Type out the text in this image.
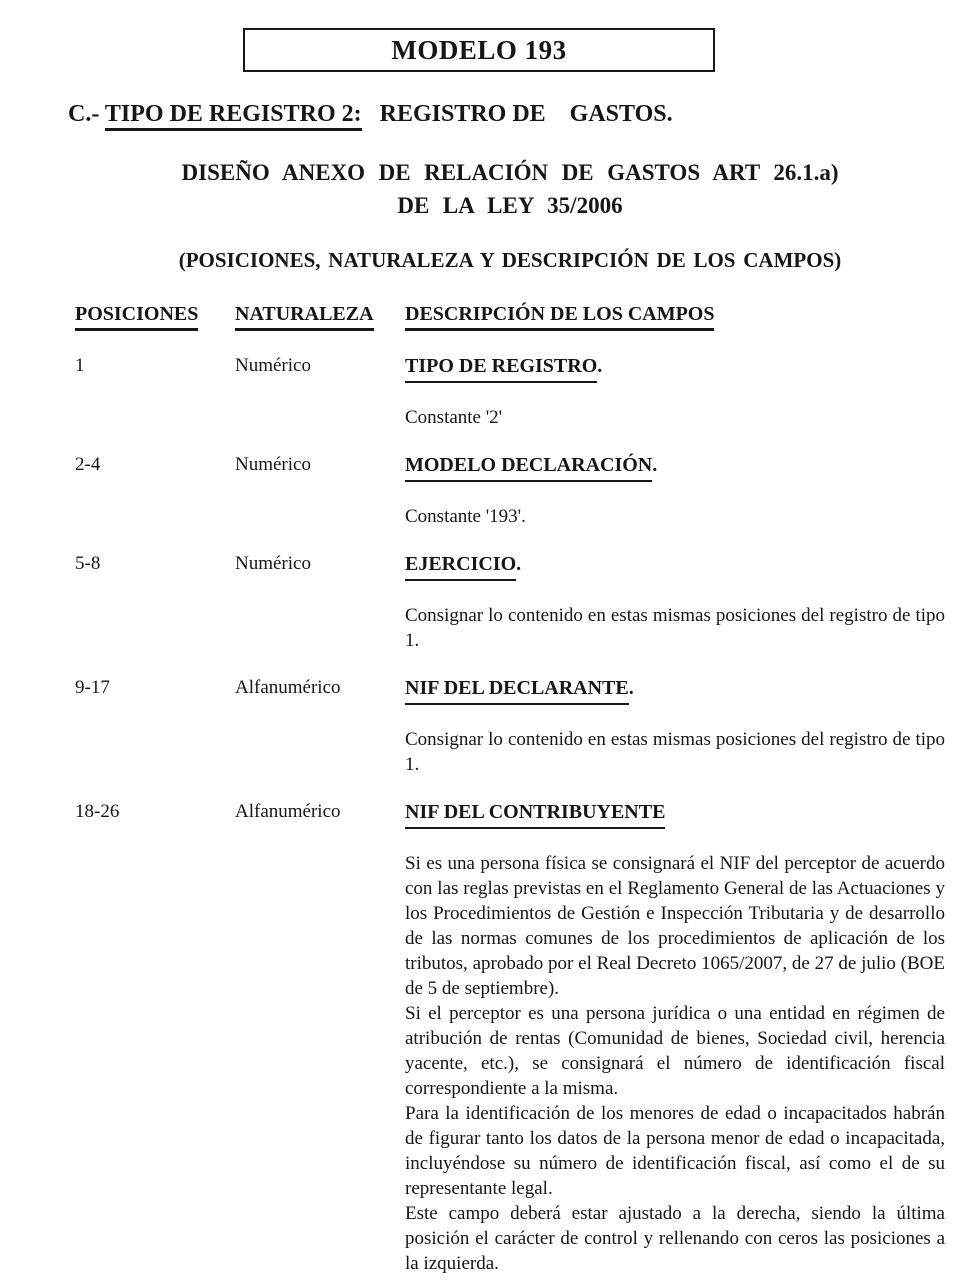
MODELO 193
C.- TIPO DE REGISTRO 2:   REGISTRO DE    GASTOS.
DISEÑO ANEXO DE RELACIÓN DE GASTOS ART 26.1.a)
DE LA LEY 35/2006
(POSICIONES, NATURALEZA Y DESCRIPCIÓN DE LOS CAMPOS)
POSICIONES	NATURALEZA	DESCRIPCIÓN DE LOS CAMPOS
1	Numérico	TIPO DE REGISTRO.

Constante '2'

2-4	Numérico	MODELO DECLARACIÓN.

Constante '193'.

5-8	Numérico	EJERCICIO.

Consignar lo contenido en estas mismas posiciones del registro de tipo 1.

9-17	Alfanumérico	NIF DEL DECLARANTE.

Consignar lo contenido en estas mismas posiciones del registro de tipo 1.

18-26	Alfanumérico	NIF DEL CONTRIBUYENTE

Si es una persona física se consignará el NIF del perceptor de acuerdo con las reglas previstas en el Reglamento General de las Actuaciones y los Procedimientos de Gestión e Inspección Tributaria y de desarrollo de las normas comunes de los procedimientos de aplicación de los tributos, aprobado por el Real Decreto 1065/2007, de 27 de julio (BOE de 5 de septiembre).

Si el perceptor es una persona jurídica o una entidad en régimen de atribución de rentas (Comunidad de bienes, Sociedad civil, herencia yacente, etc.), se consignará el número de identificación fiscal correspondiente a la misma.

Para la identificación de los menores de edad o incapacitados habrán de figurar tanto los datos de la persona menor de edad o incapacitada, incluyéndose su número de identificación fiscal, así como el de su representante legal.

Este campo deberá estar ajustado a la derecha, siendo la última posición el carácter de control y rellenando con ceros las posiciones a la izquierda.
